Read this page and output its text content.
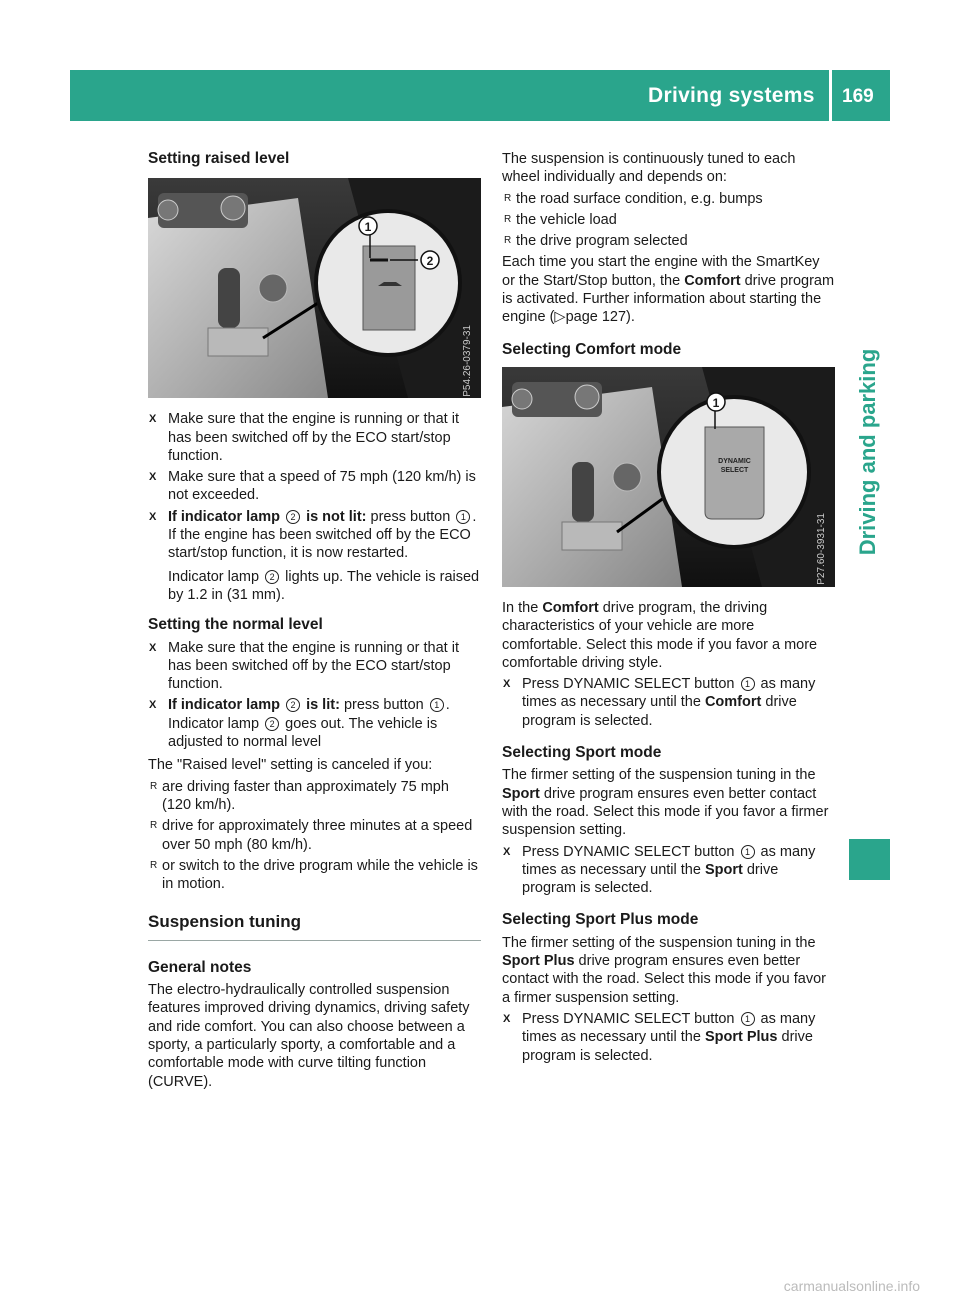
Driving systems 169
Driving and parking
carmanualsonline.info

Setting raised level

1
2
P54.26-0379-31
X Make sure that the engine is running or that it has been switched off by the ECO start/stop function.
X Make sure that a speed of 75 mph (120 km/h) is not exceeded.
X If indicator lamp 2 is not lit: press button 1 .
If the engine has been switched off by the ECO start/stop function, it is now restarted.

Indicator lamp 2 lights up. The vehicle is raised by 1.2 in (31 mm).

Setting the normal level

X Make sure that the engine is running or that it has been switched off by the ECO start/stop function.
X If indicator lamp 2 is lit: press button 1 .
Indicator lamp 2 goes out. The vehicle is adjusted to normal level

The "Raised level" setting is canceled if you:

R are driving faster than approximately 75 mph (120 km/h).
R drive for approximately three minutes at a speed over 50 mph (80 km/h).
R or switch to the drive program while the vehicle is in motion.

Suspension tuning

General notes

The electro-hydraulically controlled suspension features improved driving dynamics, driving safety and ride comfort. You can also choose between a sporty, a particularly sporty, a comfortable and a comfortable mode with curve tilting function (CURVE).

The suspension is continuously tuned to each wheel individually and depends on:

R the road surface condition, e.g. bumps
R the vehicle load
R the drive program selected

Each time you start the engine with the SmartKey or the Start/Stop button, the Comfort drive program is activated. Further information about starting the engine (▷page 127).

Selecting Comfort mode

1
DYNAMIC
SELECT
P27.60-3931-31

In the Comfort drive program, the driving characteristics of your vehicle are more comfortable. Select this mode if you favor a more comfortable driving style.

X Press DYNAMIC SELECT button 1 as many times as necessary until the Comfort drive program is selected.

Selecting Sport mode

The firmer setting of the suspension tuning in the Sport drive program ensures even better contact with the road. Select this mode if you favor a firmer suspension setting.

X Press DYNAMIC SELECT button 1 as many times as necessary until the Sport drive program is selected.

Selecting Sport Plus mode

The firmer setting of the suspension tuning in the Sport Plus drive program ensures even better contact with the road. Select this mode if you favor a firmer suspension setting.

X Press DYNAMIC SELECT button 1 as many times as necessary until the Sport Plus drive program is selected.
